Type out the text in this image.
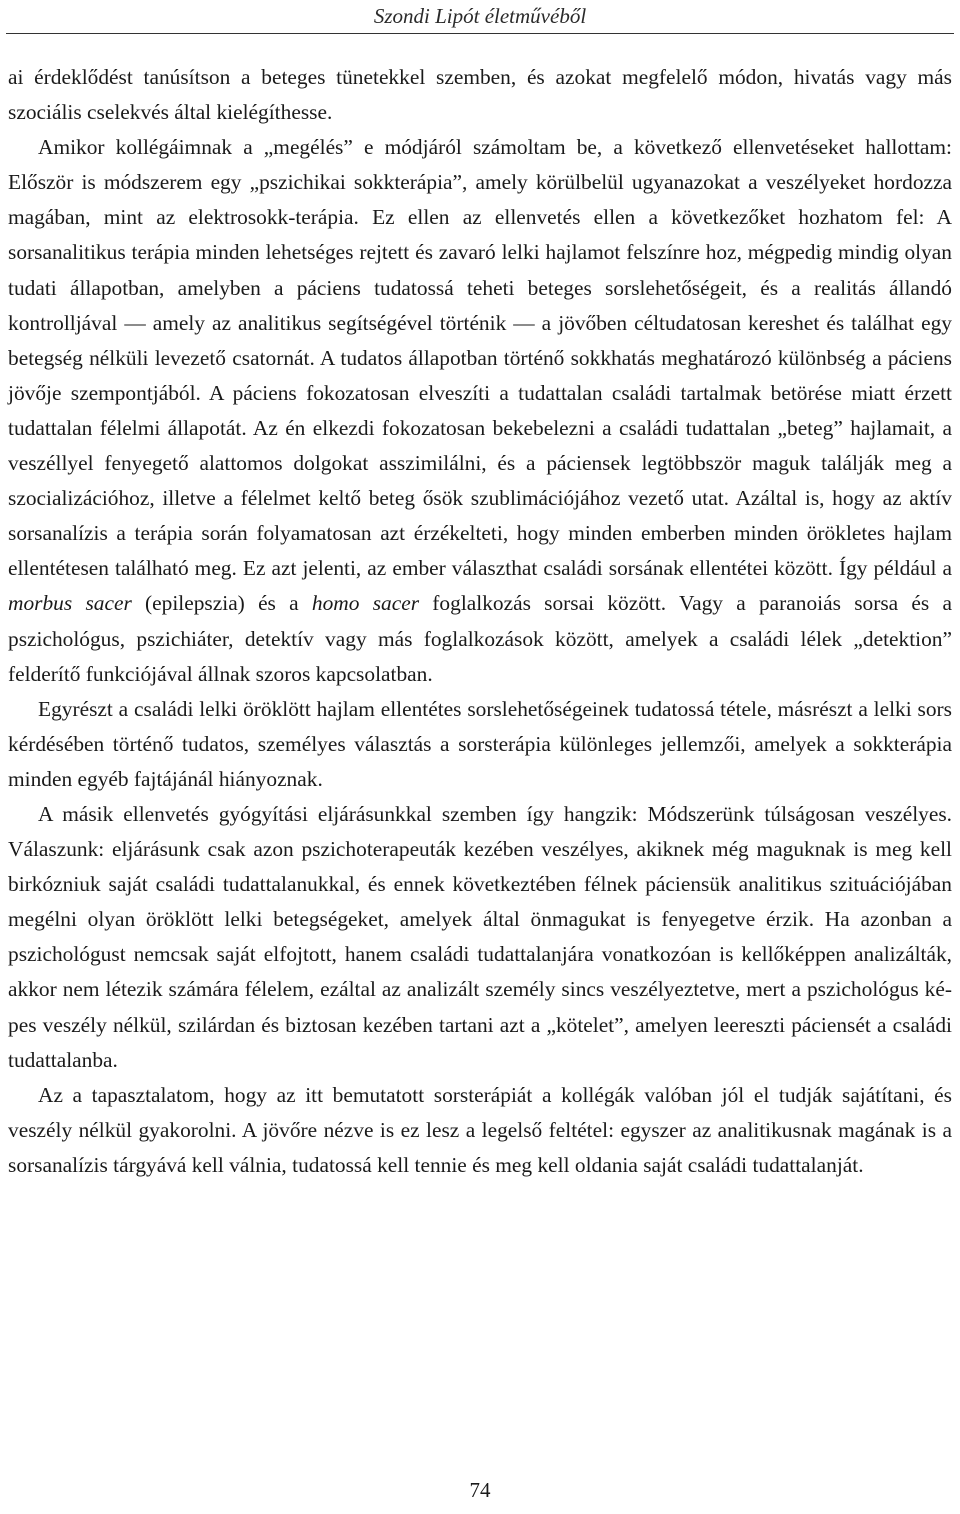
Szondi Lipót életművéből

ai érdeklődést tanúsítson a beteges tünetekkel szemben, és azokat megfelelő módon, hivatás vagy más szociális cselekvés által kielégíthesse.

Amikor kollégáimnak a „megélés” e módjáról számoltam be, a következő ellenvetéseket hallottam: Először is módszerem egy „pszichikai sokkterápia”, amely körülbelül ugyanazokat a veszélyeket hordozza magában, mint az elektrosokk-terápia. Ez ellen az ellenvetés ellen a következőket hozhatom fel: A sorsanalitikus terápia minden lehetséges rejtett és zavaró lelki hajlamot felszínre hoz, mégpedig mindig olyan tudati állapotban, amelyben a páciens tudatossá teheti beteges sorslehetőségeit, és a realitás állandó kontrolljával — amely az analitikus segítségével történik — a jövőben céltudatosan kereshet és találhat egy betegség nélküli levezető csatornát. A tudatos állapotban történő sokkhatás meghatározó különbség a páciens jövője szempontjából. A páciens fokozatosan elveszíti a tudattalan családi tartalmak betörése miatt érzett tudattalan félelmi állapotát. Az én elkezdi fokozatosan bekebelezni a családi tudattalan „beteg” hajlamait, a veszéllyel fenyegető alattomos dolgokat asszimilálni, és a páciensek legtöbbször maguk találják meg a szocializációhoz, illetve a félelmet keltő beteg ősök szublimációjához vezető utat. Azáltal is, hogy az aktív sorsanalízis a terápia során folyamatosan azt érzékelteti, hogy minden emberben minden örökletes hajlam ellentétesen található meg. Ez azt jelenti, az ember választhat családi sorsának ellentétei között. Így például a morbus sacer (epilepszia) és a homo sacer foglalkozás sorsai között. Vagy a paranoiás sorsa és a pszichológus, pszichiáter, detektív vagy más foglalkozások között, amelyek a családi lélek „detektion” felderítő funkciójával állnak szoros kapcsolatban.

Egyrészt a családi lelki öröklött hajlam ellentétes sorslehetőségeinek tudatossá tétele, másrészt a lelki sors kérdésében történő tudatos, személyes választás a sorsterápia különleges jellemzői, amelyek a sokkterápia minden egyéb fajtájánál hiányoznak.

A másik ellenvetés gyógyítási eljárásunkkal szemben így hangzik: Módszerünk túlságosan veszélyes. Válaszunk: eljárásunk csak azon pszichoterapeuták kezében veszélyes, akiknek még maguknak is meg kell birkózniuk saját családi tudattalanukkal, és ennek következtében félnek páciensük analitikus szituációjában megélni olyan öröklött lelki betegségeket, amelyek által önmagukat is fenyegetve érzik. Ha azonban a pszichológust nemcsak saját elfojtott, hanem családi tudattalanjára vonatkozóan is kellőképpen analizálták, akkor nem létezik számára félelem, ezáltal az analizált személy sincs veszélyeztetve, mert a pszichológus képes veszély nélkül, szilárdan és biztosan kezében tartani azt a „kötelet”, amelyen leereszti páciensét a családi tudattalanba.

Az a tapasztalatom, hogy az itt bemutatott sorsterápiát a kollégák valóban jól el tudják sajátítani, és veszély nélkül gyakorolni. A jövőre nézve is ez lesz a legelső feltétel: egyszer az analitikusnak magának is a sorsanalízis tárgyává kell válnia, tudatossá kell tennie és meg kell oldania saját családi tudattalanját.

74
